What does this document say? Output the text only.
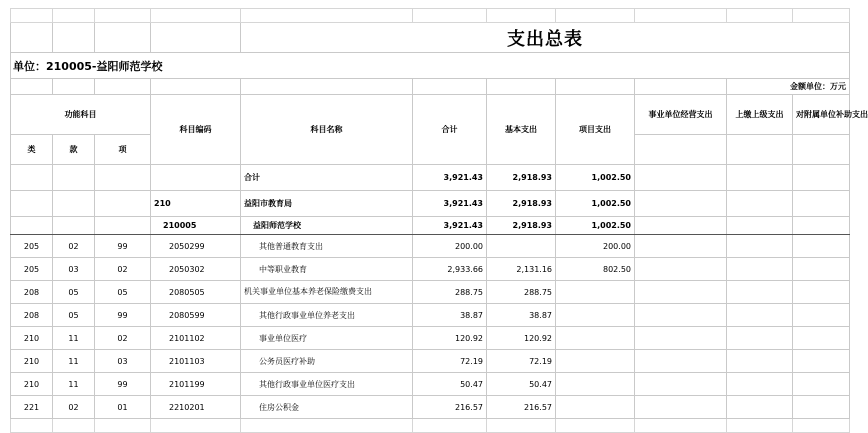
				支出总表						
单位：210005-益阳师范学校										
									金额单位：万元	
功能科目			科目编码	科目名称	合计	基本支出	项目支出	事业单位经营支出	上缴上级支出	对附属单位补助支出
类	款	项								
				合计	3,921.43	2,918.93	1,002.50			
			210	益阳市教育局	3,921.43	2,918.93	1,002.50			
			210005	益阳师范学校	3,921.43	2,918.93	1,002.50			
205	02	99	2050299	其他普通教育支出	200.00		200.00			
205	03	02	2050302	中等职业教育	2,933.66	2,131.16	802.50			
208	05	05	2080505	机关事业单位基本养老保险缴费支出	288.75	288.75				
208	05	99	2080599	其他行政事业单位养老支出	38.87	38.87				
210	11	02	2101102	事业单位医疗	120.92	120.92				
210	11	03	2101103	公务员医疗补助	72.19	72.19				
210	11	99	2101199	其他行政事业单位医疗支出	50.47	50.47				
221	02	01	2210201	住房公积金	216.57	216.57				
